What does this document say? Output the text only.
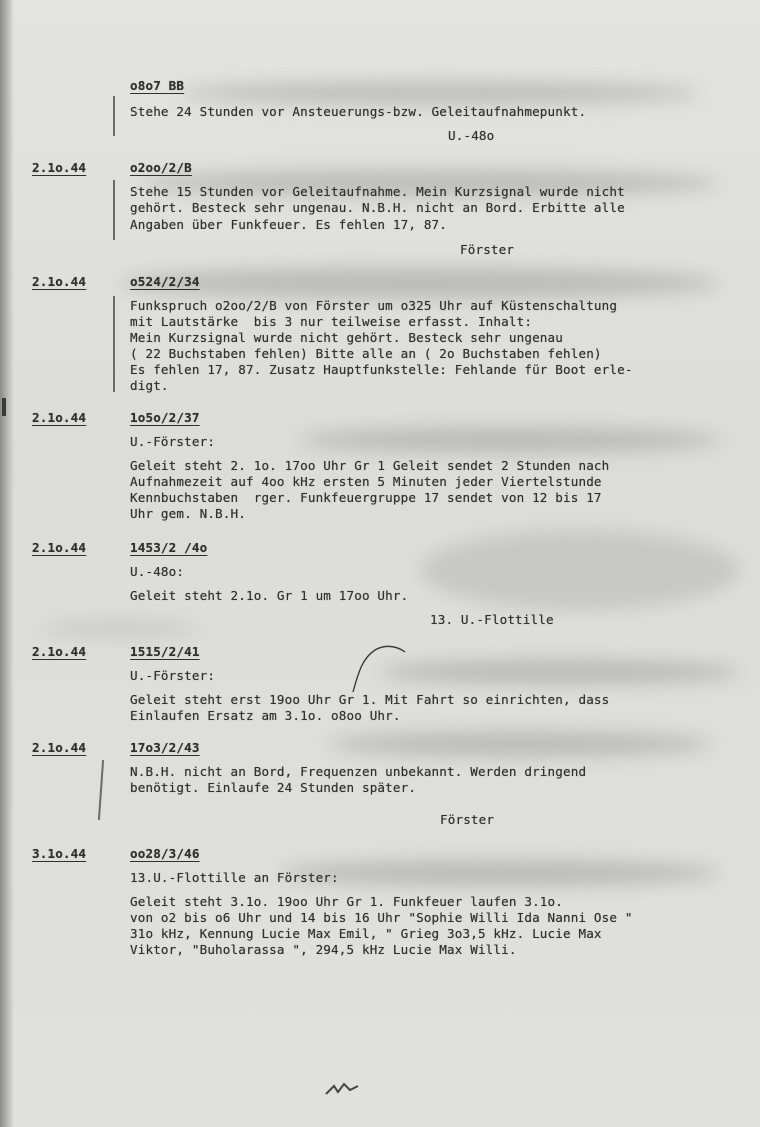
o8o7 BB
Stehe 24 Stunden vor Ansteuerungs-bzw. Geleitaufnahmepunkt.
U.-48o
2.1o.44	o2oo/2/B
Stehe 15 Stunden vor Geleitaufnahme. Mein Kurzsignal wurde nicht
gehört. Besteck sehr ungenau. N.B.H. nicht an Bord. Erbitte alle
Angaben über Funkfeuer. Es fehlen 17, 87.
Förster
2.1o.44	o524/2/34
Funkspruch o2oo/2/B von Förster um o325 Uhr auf Küstenschaltung
mit Lautstärke  bis 3 nur teilweise erfasst. Inhalt:
Mein Kurzsignal wurde nicht gehört. Besteck sehr ungenau
( 22 Buchstaben fehlen) Bitte alle an ( 2o Buchstaben fehlen)
Es fehlen 17, 87. Zusatz Hauptfunkstelle: Fehlande für Boot erle-
digt.
2.1o.44	1o5o/2/37
U.-Förster:
Geleit steht 2. 1o. 17oo Uhr Gr 1 Geleit sendet 2 Stunden nach
Aufnahmezeit auf 4oo kHz ersten 5 Minuten jeder Viertelstunde
Kennbuchstaben  rger. Funkfeuergruppe 17 sendet von 12 bis 17
Uhr gem. N.B.H.
2.1o.44	1453/2 /4o
U.-48o:
Geleit steht 2.1o. Gr 1 um 17oo Uhr.
13. U.-Flottille
2.1o.44	1515/2/41
U.-Förster:
Geleit steht erst 19oo Uhr Gr 1. Mit Fahrt so einrichten, dass
Einlaufen Ersatz am 3.1o. o8oo Uhr.
2.1o.44	17o3/2/43
N.B.H. nicht an Bord, Frequenzen unbekannt. Werden dringend
benötigt. Einlaufe 24 Stunden später.
Förster
3.1o.44	oo28/3/46
13.U.-Flottille an Förster:
Geleit steht 3.1o. 19oo Uhr Gr 1. Funkfeuer laufen 3.1o.
von o2 bis o6 Uhr und 14 bis 16 Uhr "Sophie Willi Ida Nanni Ose "
31o kHz, Kennung Lucie Max Emil, " Grieg 3o3,5 kHz. Lucie Max
Viktor, "Buholarassa ", 294,5 kHz Lucie Max Willi.
